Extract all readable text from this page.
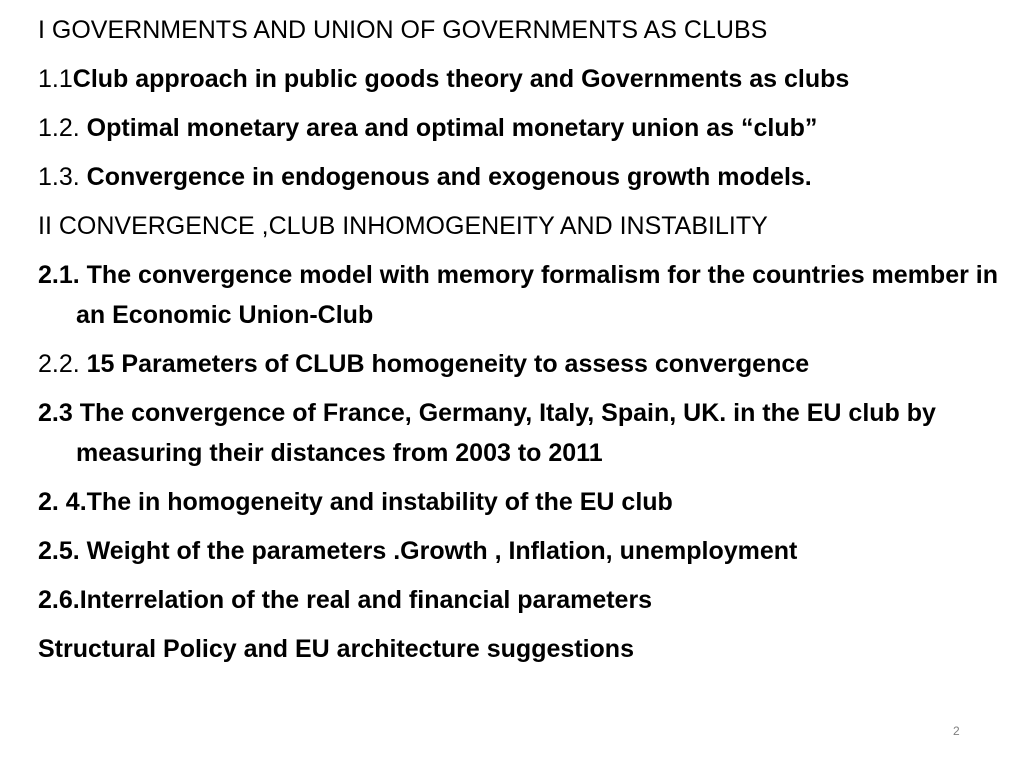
I GOVERNMENTS AND UNION OF GOVERNMENTS AS CLUBS
1.1Club approach in public goods theory and Governments as clubs
1.2. Optimal monetary area and optimal monetary union as “club”
1.3. Convergence in endogenous and exogenous growth models.
II CONVERGENCE ,CLUB INHOMOGENEITY AND INSTABILITY
2.1. The convergence model with memory formalism for the countries member in an Economic Union-Club
2.2. 15 Parameters of CLUB homogeneity to assess convergence
2.3 The convergence of France, Germany, Italy, Spain, UK. in the EU club by measuring their distances from 2003 to 2011
2. 4.The in homogeneity and instability of the EU club
2.5. Weight of the parameters .Growth , Inflation, unemployment
2.6.Interrelation of the real and financial parameters
Structural Policy and EU architecture suggestions
2
